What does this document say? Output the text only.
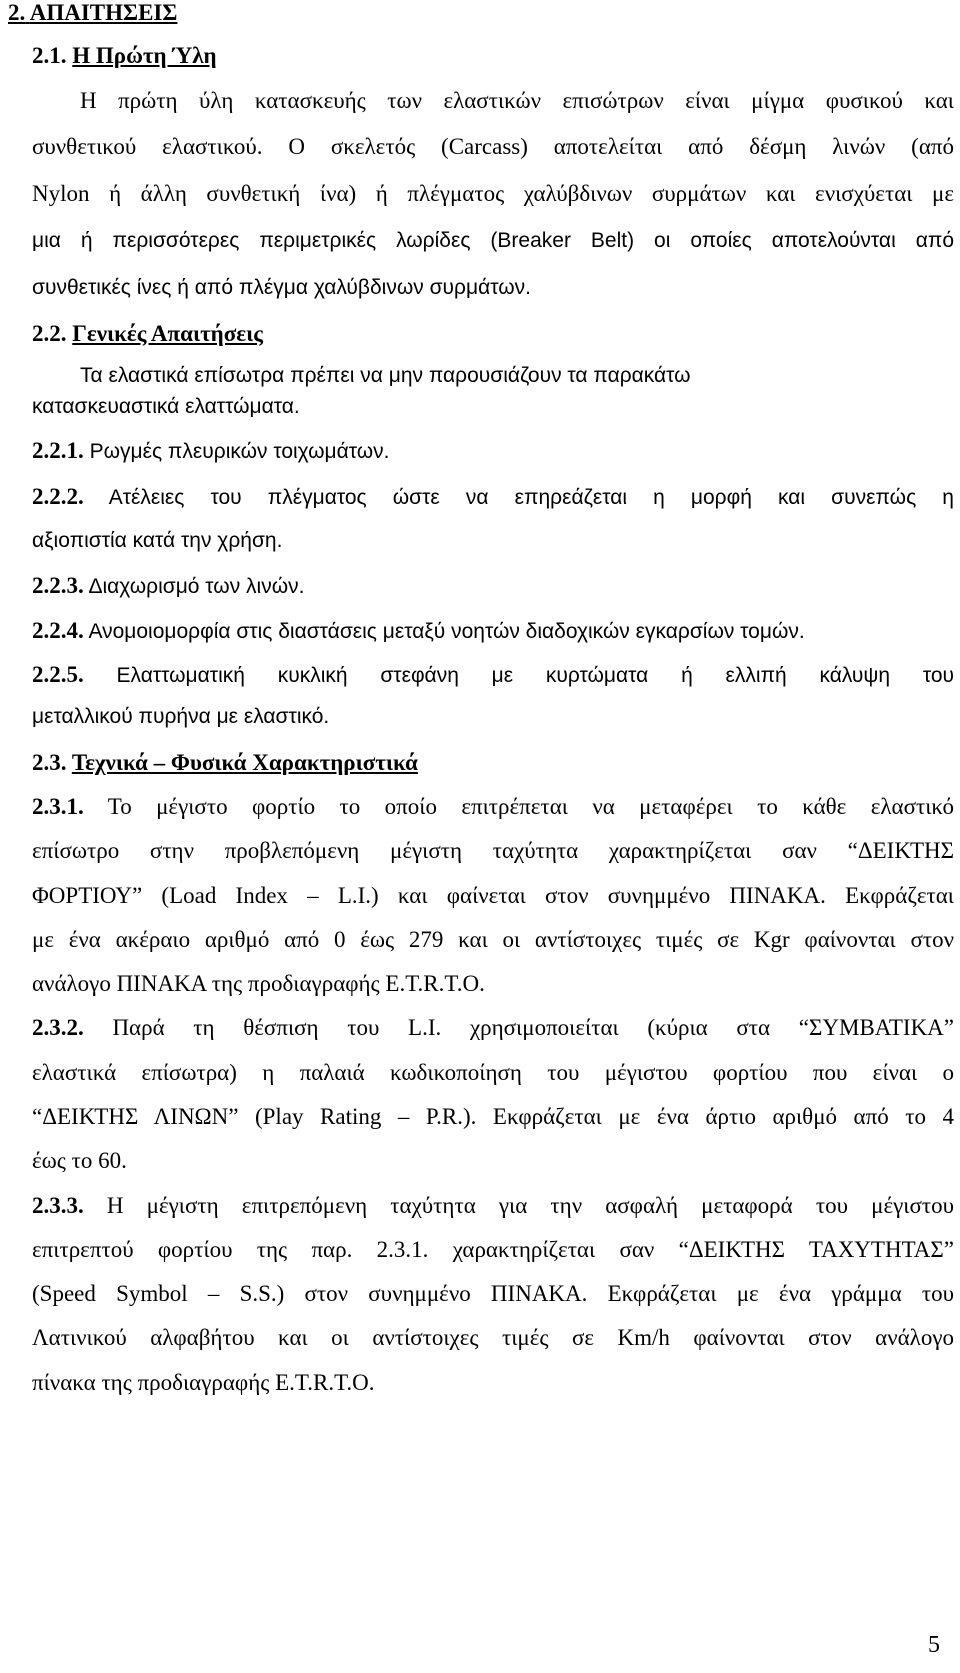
2. ΑΠΑΙΤΗΣΕΙΣ

2.1. Η Πρώτη Ύλη

Η πρώτη ύλη κατασκευής των ελαστικών επισώτρων είναι μίγμα φυσικού και

συνθετικού ελαστικού. Ο σκελετός (Carcass) αποτελείται από δέσμη λινών (από

Nylon ή άλλη συνθετική ίνα) ή πλέγματος χαλύβδινων συρμάτων και ενισχύεται με

μια ή περισσότερες περιμετρικές λωρίδες (Breaker Belt) οι οποίες αποτελούνται από

συνθετικές ίνες ή από πλέγμα χαλύβδινων συρμάτων.

2.2. Γενικές Απαιτήσεις

Τα ελαστικά επίσωτρα πρέπει να μην παρουσιάζουν τα παρακάτω

κατασκευαστικά ελαττώματα.

2.2.1. Ρωγμές πλευρικών τοιχωμάτων.

2.2.2. Ατέλειες του πλέγματος ώστε να επηρεάζεται η μορφή και συνεπώς η

αξιοπιστία κατά την χρήση.

2.2.3. Διαχωρισμό των λινών.

2.2.4. Ανομοιομορφία στις διαστάσεις μεταξύ νοητών διαδοχικών εγκαρσίων τομών.

2.2.5. Ελαττωματική κυκλική στεφάνη με κυρτώματα ή ελλιπή κάλυψη του

μεταλλικού πυρήνα με ελαστικό.

2.3. Τεχνικά – Φυσικά Χαρακτηριστικά

2.3.1. Το μέγιστο φορτίο το οποίο επιτρέπεται να μεταφέρει το κάθε ελαστικό

επίσωτρο στην προβλεπόμενη μέγιστη ταχύτητα χαρακτηρίζεται σαν “ΔΕΙΚΤΗΣ

ΦΟΡΤΙΟΥ” (Load Index – L.I.) και φαίνεται στον συνημμένο ΠΙΝΑΚΑ. Εκφράζεται

με ένα ακέραιο αριθμό από 0 έως 279 και οι αντίστοιχες τιμές σε Kgr φαίνονται στον

ανάλογο ΠΙΝΑΚΑ της προδιαγραφής E.T.R.T.O.

2.3.2. Παρά τη θέσπιση του L.I. χρησιμοποιείται (κύρια στα “ΣΥΜΒΑΤΙΚΑ”

ελαστικά επίσωτρα) η παλαιά κωδικοποίηση του μέγιστου φορτίου που είναι ο

“ΔΕΙΚΤΗΣ ΛΙΝΩΝ” (Play Rating – P.R.). Εκφράζεται με ένα άρτιο αριθμό από το 4

έως το 60.

2.3.3. Η μέγιστη επιτρεπόμενη ταχύτητα για την ασφαλή μεταφορά του μέγιστου

επιτρεπτού φορτίου της παρ. 2.3.1. χαρακτηρίζεται σαν “ΔΕΙΚΤΗΣ ΤΑΧΥΤΗΤΑΣ”

(Speed Symbol – S.S.) στον συνημμένο ΠΙΝΑΚΑ. Εκφράζεται με ένα γράμμα του

Λατινικού αλφαβήτου και οι αντίστοιχες τιμές σε Km/h φαίνονται στον ανάλογο

πίνακα της προδιαγραφής E.T.R.T.O.

5
